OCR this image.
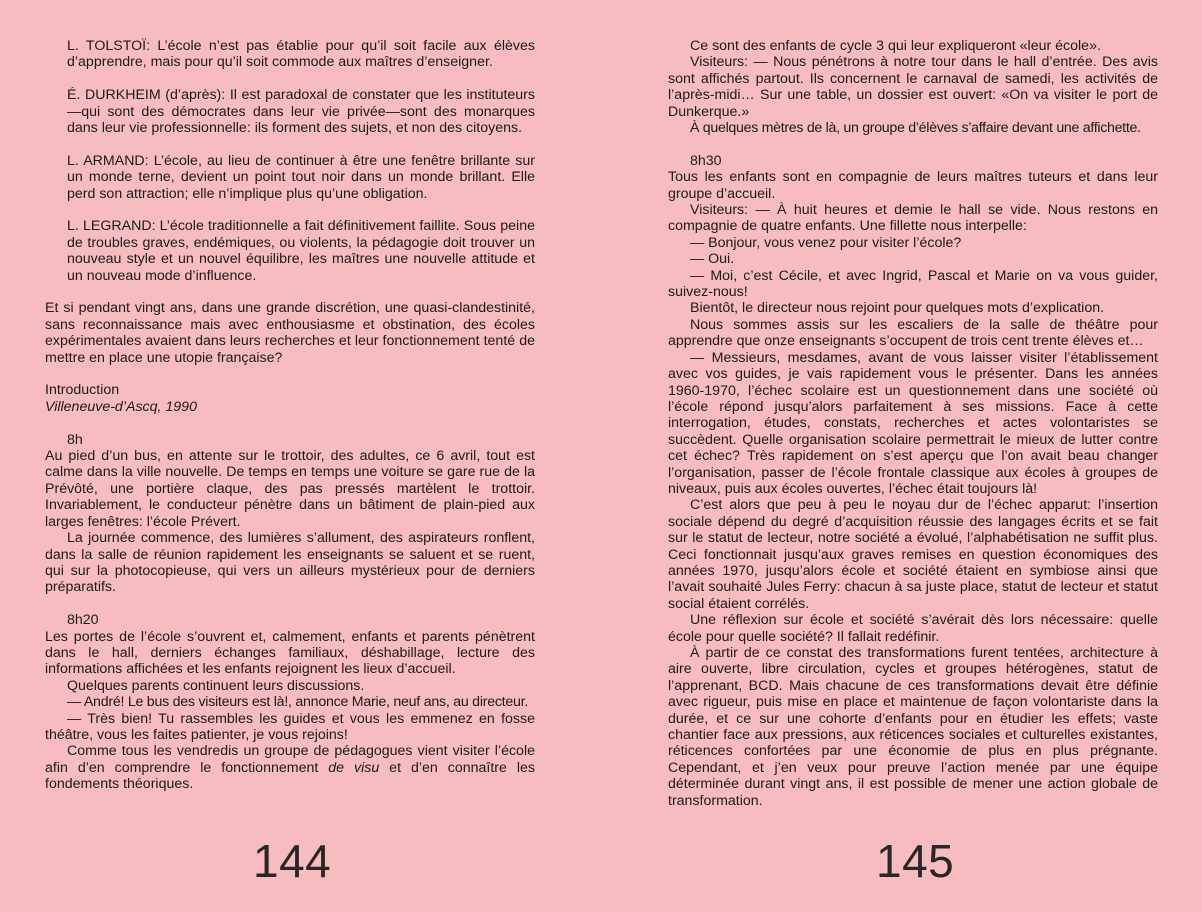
L. TOLSTOÏ: L’école n’est pas établie pour qu’il soit facile aux élèves d’apprendre, mais pour qu’il soit commode aux maîtres d’enseigner.

É. DURKHEIM (d’après): Il est paradoxal de constater que les instituteurs—qui sont des démocrates dans leur vie privée—sont des monarques dans leur vie professionnelle: ils forment des sujets, et non des citoyens.

L. ARMAND: L’école, au lieu de continuer à être une fenêtre brillante sur un monde terne, devient un point tout noir dans un monde brillant. Elle perd son attraction; elle n’implique plus qu’une obligation.

L. LEGRAND: L’école traditionnelle a fait définitivement faillite. Sous peine de troubles graves, endémiques, ou violents, la pédagogie doit trouver un nouveau style et un nouvel équilibre, les maîtres une nouvelle attitude et un nouveau mode d’influence.

Et si pendant vingt ans, dans une grande discrétion, une quasi-clandestinité, sans reconnaissance mais avec enthousiasme et obstination, des écoles expérimentales avaient dans leurs recherches et leur fonctionnement tenté de mettre en place une utopie française?

Introduction

Villeneuve-d’Ascq, 1990

8h

Au pied d’un bus, en attente sur le trottoir, des adultes, ce 6 avril, tout est calme dans la ville nouvelle. De temps en temps une voiture se gare rue de la Prévôté, une portière claque, des pas pressés martèlent le trottoir. Invariablement, le conducteur pénètre dans un bâtiment de plain-pied aux larges fenêtres: l’école Prévert.

La journée commence, des lumières s’allument, des aspirateurs ronflent, dans la salle de réunion rapidement les enseignants se saluent et se ruent, qui sur la photocopieuse, qui vers un ailleurs mystérieux pour de derniers préparatifs.

8h20

Les portes de l’école s’ouvrent et, calmement, enfants et parents pénètrent dans le hall, derniers échanges familiaux, déshabillage, lecture des informations affichées et les enfants rejoignent les lieux d’accueil.

Quelques parents continuent leurs discussions.

— André! Le bus des visiteurs est là!, annonce Marie, neuf ans, au directeur.

— Très bien! Tu rassembles les guides et vous les emmenez en fosse théâtre, vous les faites patienter, je vous rejoins!

Comme tous les vendredis un groupe de pédagogues vient visiter l’école afin d’en comprendre le fonctionnement de visu et d’en connaître les fondements théoriques.

Ce sont des enfants de cycle 3 qui leur expliqueront «leur école».

Visiteurs: — Nous pénétrons à notre tour dans le hall d’entrée. Des avis sont affichés partout. Ils concernent le carnaval de samedi, les activités de l’après-midi… Sur une table, un dossier est ouvert: «On va visiter le port de Dunkerque.»

À quelques mètres de là, un groupe d’élèves s’affaire devant une affichette.

8h30

Tous les enfants sont en compagnie de leurs maîtres tuteurs et dans leur groupe d’accueil.

Visiteurs: — À huit heures et demie le hall se vide. Nous restons en compagnie de quatre enfants. Une fillette nous interpelle:

— Bonjour, vous venez pour visiter l’école?

— Oui.

— Moi, c’est Cécile, et avec Ingrid, Pascal et Marie on va vous guider, suivez-nous!

Bientôt, le directeur nous rejoint pour quelques mots d’explication.

Nous sommes assis sur les escaliers de la salle de théâtre pour apprendre que onze enseignants s’occupent de trois cent trente élèves et…

— Messieurs, mesdames, avant de vous laisser visiter l’établissement avec vos guides, je vais rapidement vous le présenter. Dans les années 1960-1970, l’échec scolaire est un questionnement dans une société où l’école répond jusqu’alors parfaitement à ses missions. Face à cette interrogation, études, constats, recherches et actes volontaristes se succèdent. Quelle organisation scolaire permettrait le mieux de lutter contre cet échec? Très rapidement on s’est aperçu que l’on avait beau changer l’organisation, passer de l’école frontale classique aux écoles à groupes de niveaux, puis aux écoles ouvertes, l’échec était toujours là!

C’est alors que peu à peu le noyau dur de l’échec apparut: l’insertion sociale dépend du degré d’acquisition réussie des langages écrits et se fait sur le statut de lecteur, notre société a évolué, l’alphabétisation ne suffit plus. Ceci fonctionnait jusqu’aux graves remises en question économiques des années 1970, jusqu’alors école et société étaient en symbiose ainsi que l’avait souhaité Jules Ferry: chacun à sa juste place, statut de lecteur et statut social étaient corrélés.

Une réflexion sur école et société s’avérait dès lors nécessaire: quelle école pour quelle société? Il fallait redéfinir.

À partir de ce constat des transformations furent tentées, architecture à aire ouverte, libre circulation, cycles et groupes hétérogènes, statut de l’apprenant, BCD. Mais chacune de ces transformations devait être définie avec rigueur, puis mise en place et maintenue de façon volontariste dans la durée, et ce sur une cohorte d’enfants pour en étudier les effets; vaste chantier face aux pressions, aux réticences sociales et culturelles existantes, réticences confortées par une économie de plus en plus prégnante. Cependant, et j’en veux pour preuve l’action menée par une équipe déterminée durant vingt ans, il est possible de mener une action globale de transformation.

144	145
